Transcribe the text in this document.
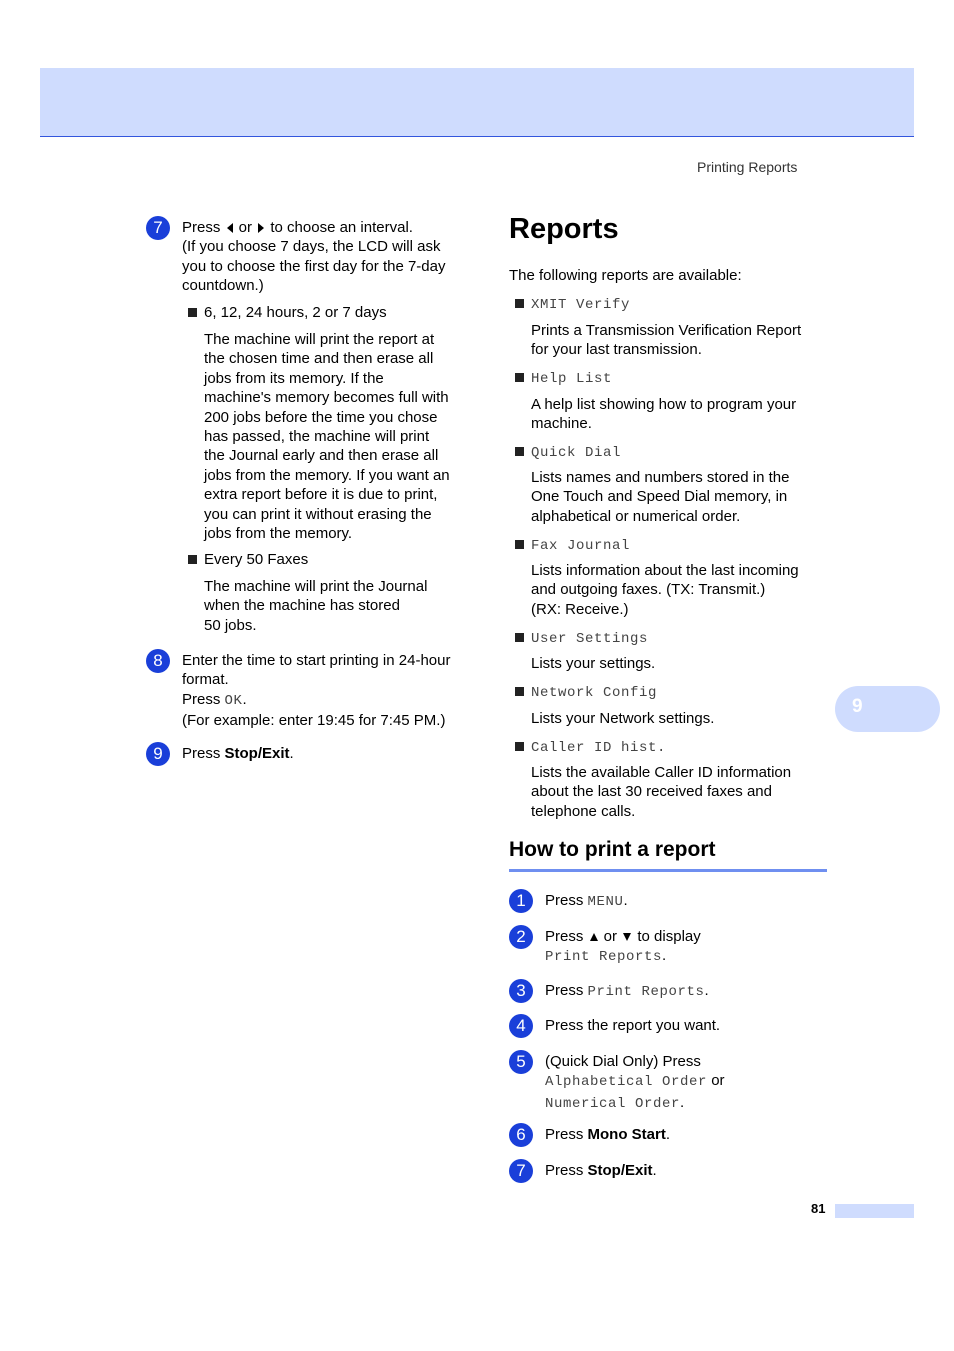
Printing Reports
9
81
7	Press  or  to choose an interval.
(If you choose 7 days, the LCD will ask
you to choose the first day for the 7-day
countdown.)
6, 12, 24 hours, 2 or 7 days
The machine will print the report at
the chosen time and then erase all
jobs from its memory. If the
machine's memory becomes full with
200 jobs before the time you chose
has passed, the machine will print
the Journal early and then erase all
jobs from the memory. If you want an
extra report before it is due to print,
you can print it without erasing the
jobs from the memory.
Every 50 Faxes
The machine will print the Journal
when the machine has stored
50 jobs.
8	Enter the time to start printing in 24-hour
format.
Press OK.
(For example: enter 19:45 for 7:45 PM.)
9	Press Stop/Exit.
Reports
The following reports are available:
XMIT Verify
Prints a Transmission Verification Report
for your last transmission.
Help List
A help list showing how to program your
machine.
Quick Dial
Lists names and numbers stored in the
One Touch and Speed Dial memory, in
alphabetical or numerical order.
Fax Journal
Lists information about the last incoming
and outgoing faxes. (TX: Transmit.)
(RX: Receive.)
User Settings
Lists your settings.
Network Config
Lists your Network settings.
Caller ID hist.
Lists the available Caller ID information
about the last 30 received faxes and
telephone calls.
How to print a report
1	Press MENU.
2	Press  or  to display
Print Reports.
3	Press Print Reports.
4	Press the report you want.
5	(Quick Dial Only) Press
Alphabetical Order or
Numerical Order.
6	Press Mono Start.
7	Press Stop/Exit.
